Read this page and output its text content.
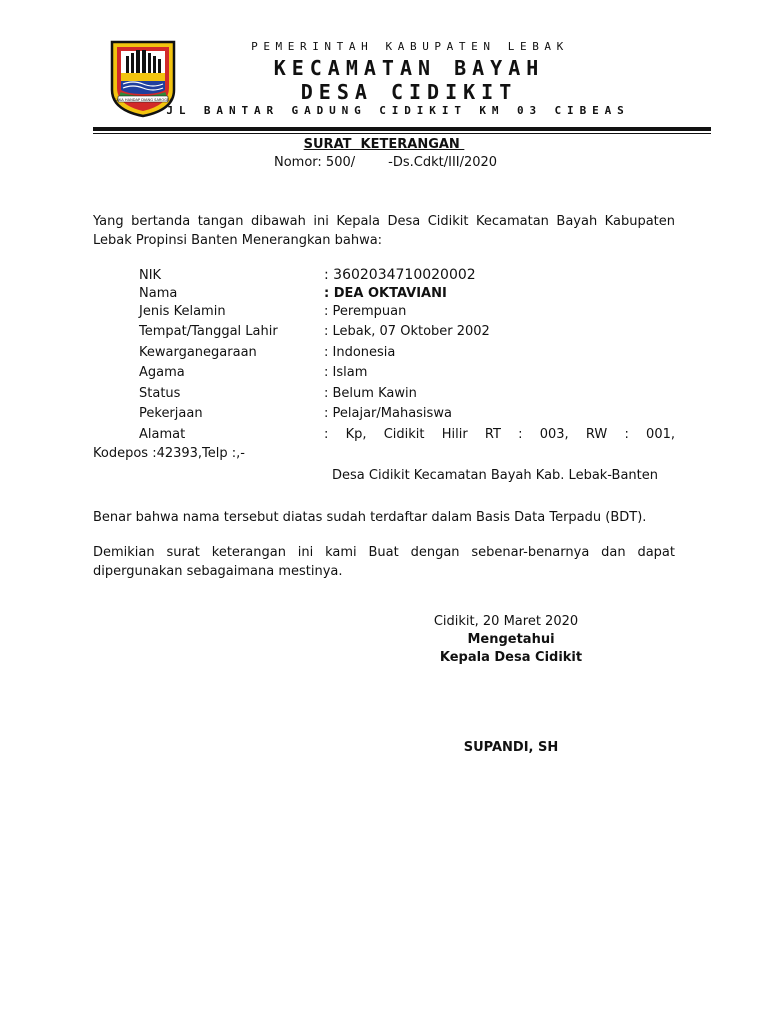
SAKA HANDAP DIANG SAROGEA
PEMERINTAH KABUPATEN LEBAK
KECAMATAN BAYAH
DESA CIDIKIT
JL BANTAR GADUNG CIDIKIT KM 03 CIBEAS
SURAT  KETERANGAN
Nomor: 500/        -Ds.Cdkt/III/2020
Yang bertanda tangan dibawah ini Kepala Desa Cidikit Kecamatan Bayah Kabupaten Lebak Propinsi Banten Menerangkan bahwa:
NIK	: 3602034710020002
Nama	: DEA OKTAVIANI
Jenis Kelamin	: Perempuan
Tempat/Tanggal Lahir	: Lebak, 07 Oktober 2002
Kewarganegaraan	: Indonesia
Agama	: Islam
Status	: Belum Kawin
Pekerjaan	: Pelajar/Mahasiswa
Alamat	: Kp, Cidikit Hilir RT : 003, RW : 001,
Kodepos :42393,Telp :,-
Desa Cidikit Kecamatan Bayah Kab. Lebak-Banten
Benar bahwa nama tersebut diatas sudah terdaftar dalam Basis Data Terpadu (BDT).
Demikian surat keterangan ini kami Buat dengan sebenar-benarnya dan dapat dipergunakan sebagaimana mestinya.
Cidikit, 20 Maret 2020
Mengetahui
Kepala Desa Cidikit
SUPANDI, SH
